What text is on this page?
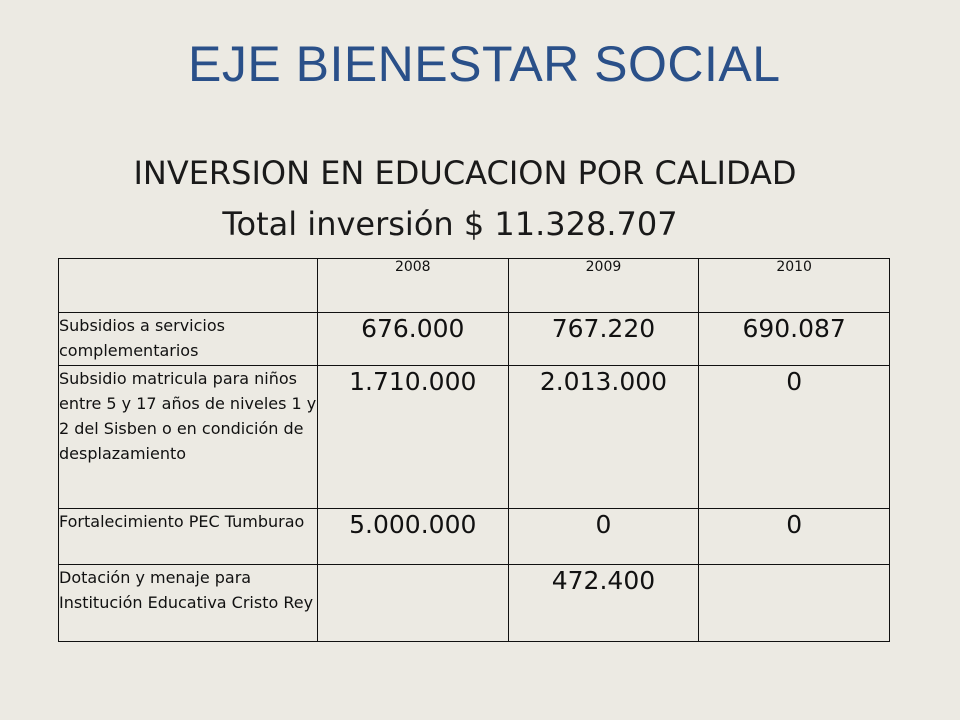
EJE BIENESTAR SOCIAL
INVERSION EN EDUCACION POR CALIDAD
Total inversión $ 11.328.707
	2008	2009	2010
Subsidios a servicios complementarios	676.000	767.220	690.087
Subsidio matricula para niños entre 5 y 17 años de niveles 1 y 2 del Sisben o en condición de desplazamiento	1.710.000	2.013.000	0
Fortalecimiento PEC Tumburao	5.000.000	0	0
Dotación y menaje para Institución Educativa Cristo Rey		472.400	
